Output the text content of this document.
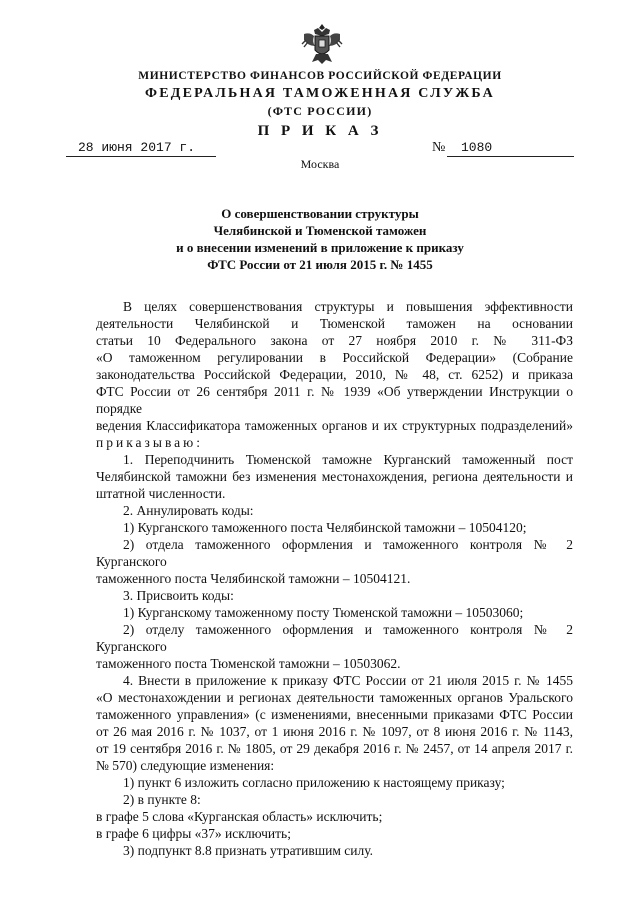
МИНИСТЕРСТВО ФИНАНСОВ РОССИЙСКОЙ ФЕДЕРАЦИИ
ФЕДЕРАЛЬНАЯ ТАМОЖЕННАЯ СЛУЖБА
(ФТС РОССИИ)
П Р И К А З
28 июня 2017 г.	№	1080
Москва
О совершенствовании структуры
Челябинской и Тюменской таможен
и о внесении изменений в приложение к приказу
ФТС России от 21 июля 2015 г. № 1455

В целях совершенствования структуры и повышения эффективности

деятельности Челябинской и Тюменской таможен на основании

статьи 10 Федерального закона от 27 ноября 2010 г. № 311-ФЗ

«О таможенном регулировании в Российской Федерации» (Собрание

законодательства Российской Федерации, 2010, № 48, ст. 6252) и приказа

ФТС России от 26 сентября 2011 г. № 1939 «Об утверждении Инструкции о порядке

ведения Классификатора таможенных органов и их структурных подразделений»

приказываю:

1. Переподчинить Тюменской таможне Курганский таможенный пост

Челябинской таможни без изменения местонахождения, региона деятельности и

штатной численности.

2. Аннулировать коды:

1) Курганского таможенного поста Челябинской таможни – 10504120;

2) отдела таможенного оформления и таможенного контроля № 2 Курганского

таможенного поста Челябинской таможни – 10504121.

3. Присвоить коды:

1) Курганскому таможенному посту Тюменской таможни – 10503060;

2) отделу таможенного оформления и таможенного контроля № 2 Курганского

таможенного поста Тюменской таможни – 10503062.

4. Внести в приложение к приказу ФТС России от 21 июля 2015 г. № 1455

«О местонахождении и регионах деятельности таможенных органов Уральского

таможенного управления» (с изменениями, внесенными приказами ФТС России

от 26 мая 2016 г. № 1037, от 1 июня 2016 г. № 1097, от 8 июня 2016 г. № 1143,

от 19 сентября 2016 г. № 1805, от 29 декабря 2016 г. № 2457, от 14 апреля 2017 г.

№ 570) следующие изменения:

1) пункт 6 изложить согласно приложению к настоящему приказу;

2) в пункте 8:

в графе 5 слова «Курганская область» исключить;

в графе 6 цифры «37» исключить;

3) подпункт 8.8 признать утратившим силу.
